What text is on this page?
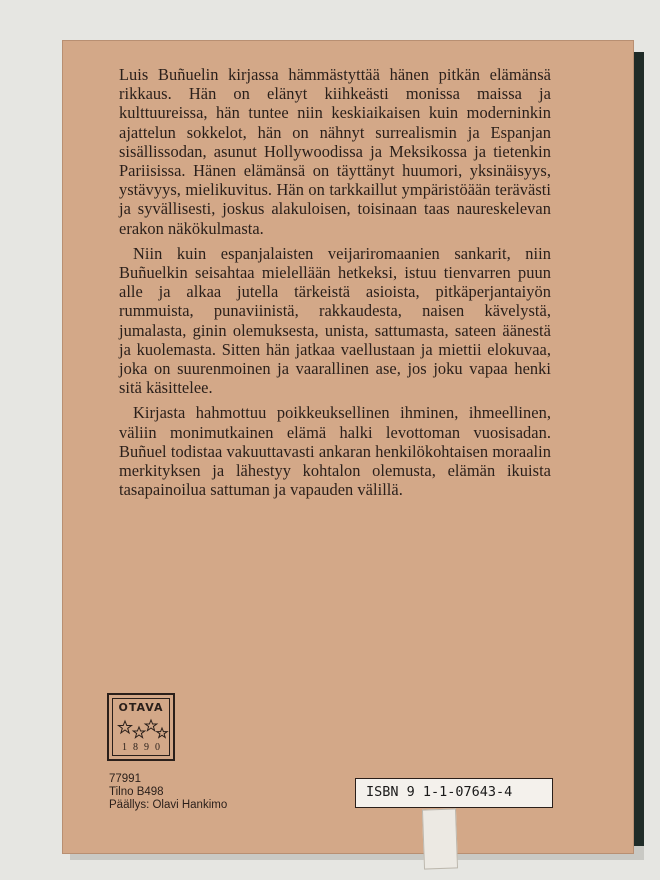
Luis Buñuelin kirjassa hämmästyttää hänen pitkän elämänsä rikkaus. Hän on elänyt kiihkeästi monissa maissa ja kulttuureissa, hän tuntee niin keskiaikaisen kuin moderninkin ajattelun sokkelot, hän on nähnyt surrealismin ja Espanjan sisällissodan, asunut Hollywoodissa ja Meksikossa ja tietenkin Pariisissa. Hänen elämänsä on täyttänyt huumori, yksinäisyys, ystävyys, mielikuvitus. Hän on tarkkaillut ympäristöään terävästi ja syvällisesti, joskus alakuloisen, toisinaan taas naureskelevan erakon näkökulmasta.

Niin kuin espanjalaisten veijariromaanien sankarit, niin Buñuelkin seisahtaa mielellään hetkeksi, istuu tienvarren puun alle ja alkaa jutella tärkeistä asioista, pitkäperjantaiyön rummuista, punaviinistä, rakkaudesta, naisen kävelystä, jumalasta, ginin olemuksesta, unista, sattumasta, sateen äänestä ja kuolemasta. Sitten hän jatkaa vaellustaan ja miettii elokuvaa, joka on suurenmoinen ja vaarallinen ase, jos joku vapaa henki sitä käsittelee.

Kirjasta hahmottuu poikkeuksellinen ihminen, ihmeellinen, väliin monimutkainen elämä halki levottoman vuosisadan. Buñuel todistaa vakuuttavasti ankaran henkilökohtaisen moraalin merkityksen ja lähestyy kohtalon olemusta, elämän ikuista tasapainoilua sattuman ja vapauden välillä.

OTAVA
1890
77991
Tilno B498
Päällys: Olavi Hankimo
ISBN 9 1-1-07643-4
